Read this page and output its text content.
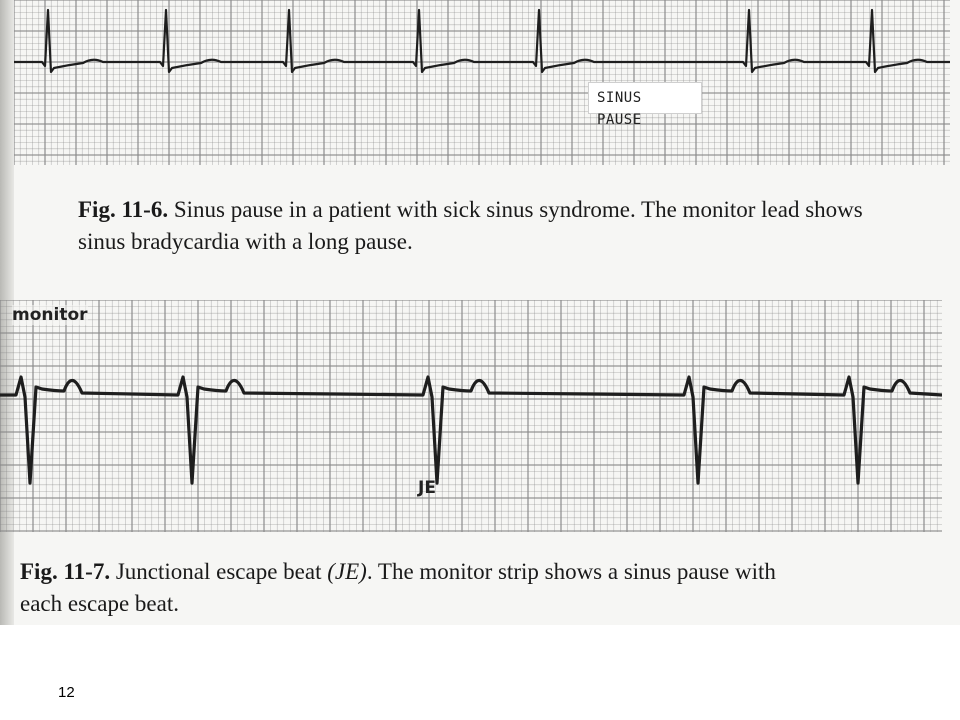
SINUS PAUSE
Fig. 11-6. Sinus pause in a patient with sick sinus syndrome. The monitor lead shows
sinus bradycardia with a long pause.
monitor
JE
Fig. 11-7. Junctional escape beat (JE). The monitor strip shows a sinus pause with
each escape beat.
12
